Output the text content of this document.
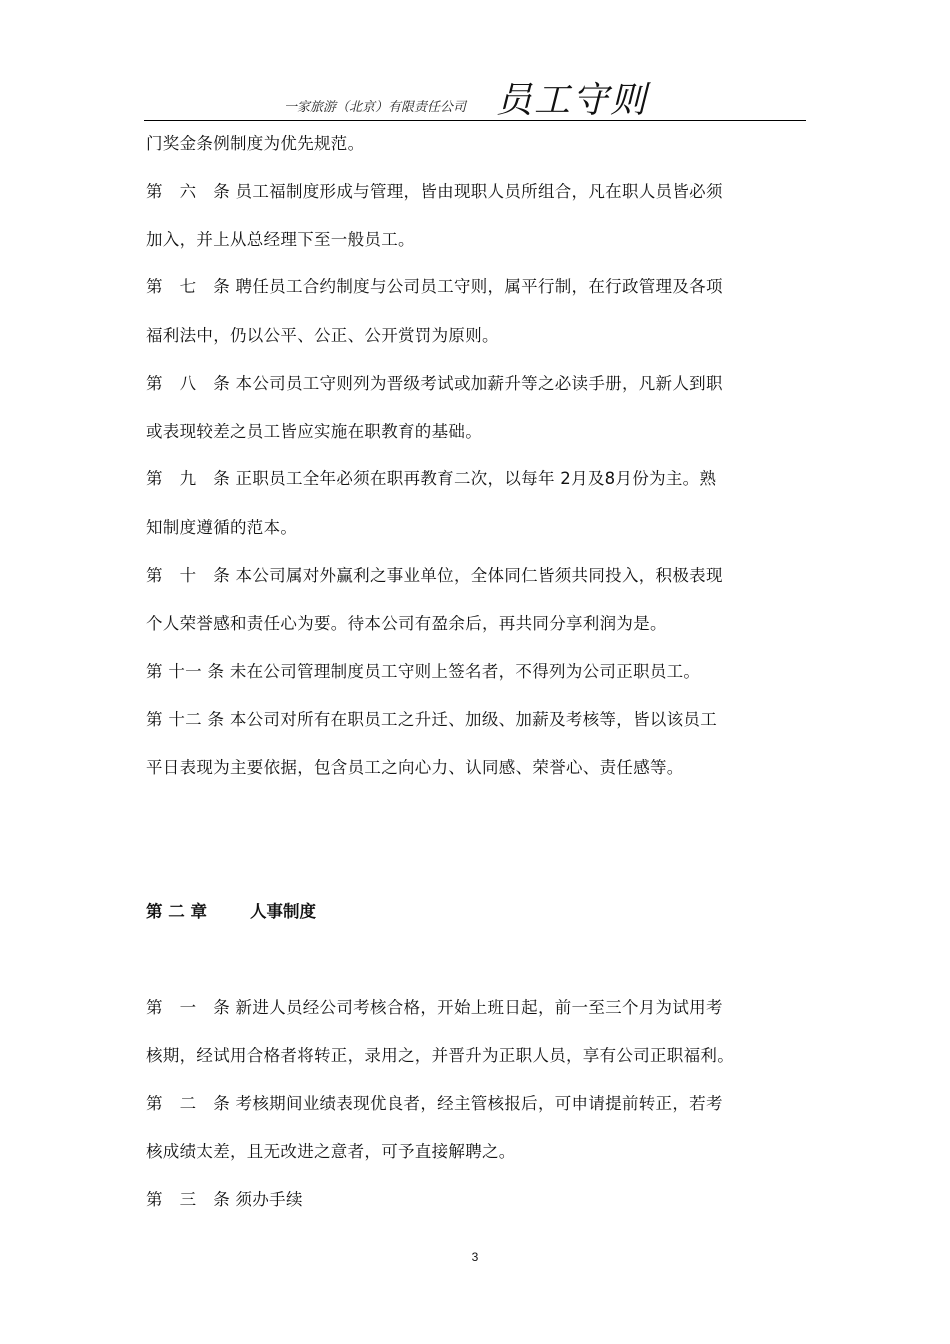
一家旅游（北京）有限责任公司 员工守则
门奖金条例制度为优先规范。
第　六　条 员工福制度形成与管理，皆由现职人员所组合，凡在职人员皆必须
加入，并上从总经理下至一般员工。
第　七　条 聘任员工合约制度与公司员工守则，属平行制，在行政管理及各项
福利法中，仍以公平、公正、公开赏罚为原则。
第　八　条 本公司员工守则列为晋级考试或加薪升等之必读手册，凡新人到职
或表现较差之员工皆应实施在职教育的基础。
第　九　条 正职员工全年必须在职再教育二次，以每年 2月及8月份为主。熟
知制度遵循的范本。
第　十　条 本公司属对外赢利之事业单位，全体同仁皆须共同投入，积极表现
个人荣誉感和责任心为要。待本公司有盈余后，再共同分享利润为是。
第 十一 条 未在公司管理制度员工守则上签名者，不得列为公司正职员工。
第 十二 条 本公司对所有在职员工之升迁、加级、加薪及考核等，皆以该员工
平日表现为主要依据，包含员工之向心力、认同感、荣誉心、责任感等。
第 二 章	人事制度
第　一　条 新进人员经公司考核合格，开始上班日起，前一至三个月为试用考
核期，经试用合格者将转正，录用之，并晋升为正职人员，享有公司正职福利。
第　二　条 考核期间业绩表现优良者，经主管核报后，可申请提前转正，若考
核成绩太差，且无改进之意者，可予直接解聘之。
第　三　条 须办手续
3
